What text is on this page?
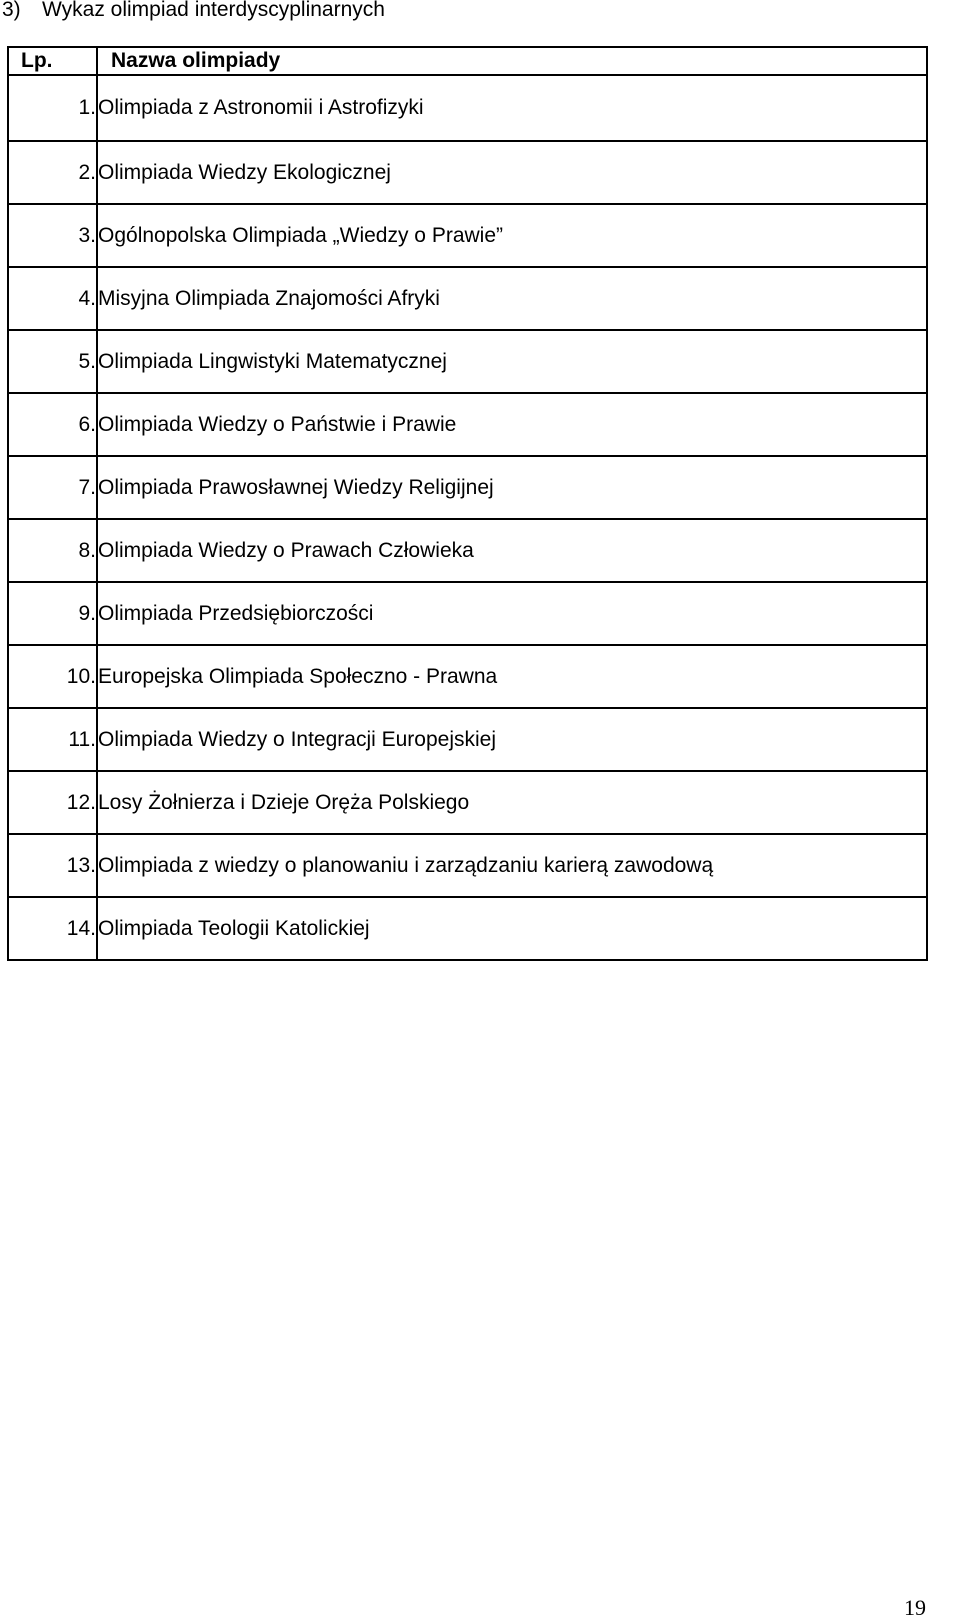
3) Wykaz olimpiad interdyscyplinarnych
Lp.	Nazwa olimpiady
1.	Olimpiada z Astronomii i Astrofizyki
2.	Olimpiada Wiedzy Ekologicznej
3.	Ogólnopolska Olimpiada „Wiedzy o Prawie”
4.	Misyjna Olimpiada Znajomości Afryki
5.	Olimpiada Lingwistyki Matematycznej
6.	Olimpiada Wiedzy o Państwie i Prawie
7.	Olimpiada Prawosławnej Wiedzy Religijnej
8.	Olimpiada Wiedzy o Prawach Człowieka
9.	Olimpiada Przedsiębiorczości
10.	Europejska Olimpiada Społeczno - Prawna
11.	Olimpiada Wiedzy o Integracji Europejskiej
12.	Losy Żołnierza i Dzieje Oręża Polskiego
13.	Olimpiada z wiedzy o planowaniu i zarządzaniu karierą zawodową
14.	Olimpiada Teologii Katolickiej
19
